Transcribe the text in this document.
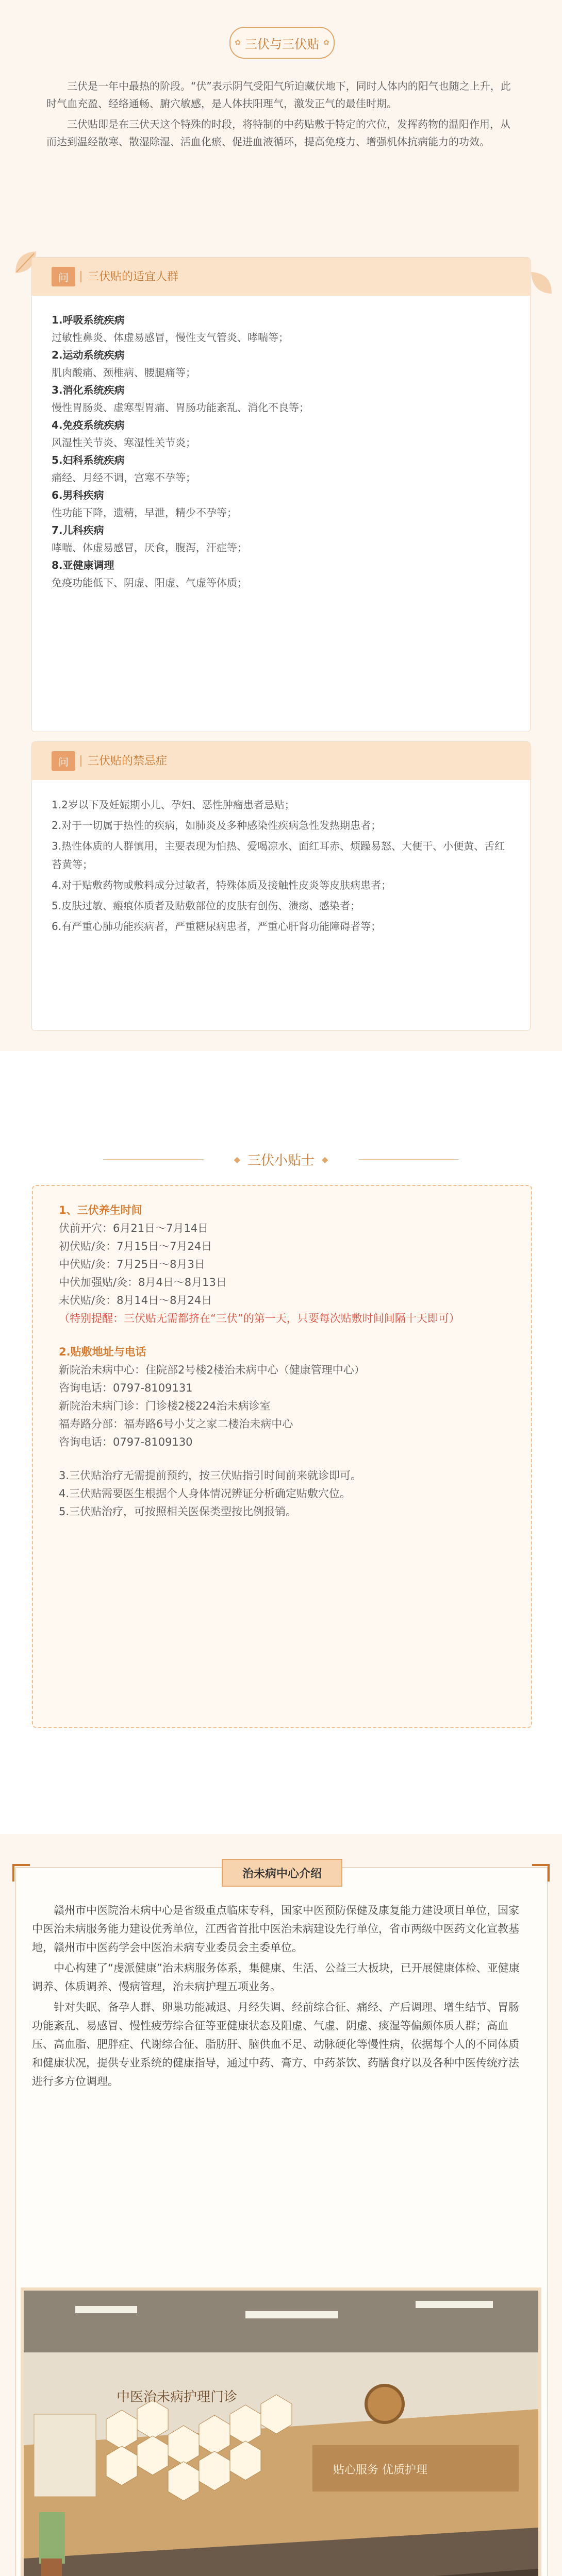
✿ 三伏与三伏贴 ✿

三伏是一年中最热的阶段。“伏”表示阴气受阳气所迫藏伏地下，同时人体内的阳气也随之上升，此时气血充盈、经络通畅、腑穴敏感，是人体扶阳理气，激发正气的最佳时期。

三伏贴即是在三伏天这个特殊的时段，将特制的中药贴敷于特定的穴位，发挥药物的温阳作用，从而达到温经散寒、散湿除湿、活血化瘀、促进血液循环，提高免疫力、增强机体抗病能力的功效。

问	三伏贴的适宜人群
1.呼吸系统疾病
过敏性鼻炎、体虚易感冒，慢性支气管炎、哮喘等；
2.运动系统疾病
肌肉酸痛、颈椎病、腰腿痛等；
3.消化系统疾病
慢性胃肠炎、虚寒型胃痛、胃肠功能紊乱、消化不良等；
4.免疫系统疾病
风湿性关节炎、寒湿性关节炎；
5.妇科系统疾病
痛经、月经不调，宫寒不孕等；
6.男科疾病
性功能下降，遗精，早泄，精少不孕等；
7.儿科疾病
哮喘、体虚易感冒，厌食，腹泻，汗症等；
8.亚健康调理
免疫功能低下、阴虚、阳虚、气虚等体质；
问	三伏贴的禁忌症

1.2岁以下及妊娠期小儿、孕妇、恶性肿瘤患者忌贴；

2.对于一切属于热性的疾病，如肺炎及多种感染性疾病急性发热期患者；

3.热性体质的人群慎用，主要表现为怕热、爱喝凉水、面红耳赤、烦躁易怒、大便干、小便黄、舌红苔黄等；

4.对于贴敷药物或敷料成分过敏者，特殊体质及接触性皮炎等皮肤病患者；

5.皮肤过敏、瘢痕体质者及贴敷部位的皮肤有创伤、溃疡、感染者；

6.有严重心肺功能疾病者，严重糖尿病患者，严重心肝肾功能障碍者等；

◆ 三伏小贴士 ◆

1、三伏养生时间

伏前开穴：6月21日～7月14日

初伏贴/灸：7月15日～7月24日

中伏贴/灸：7月25日～8月3日

中伏加强贴/灸：8月4日～8月13日

末伏贴/灸：8月14日～8月24日

（特别提醒：三伏贴无需都挤在“三伏”的第一天，只要每次贴敷时间间隔十天即可）

2.贴敷地址与电话

新院治未病中心：住院部2号楼2楼治未病中心（健康管理中心）

咨询电话：0797-8109131

新院治未病门诊：门诊楼2楼224治未病诊室

福寿路分部：福寿路6号小艾之家二楼治未病中心

咨询电话：0797-8109130

3.三伏贴治疗无需提前预约，按三伏贴指引时间前来就诊即可。

4.三伏贴需要医生根据个人身体情况辨证分析确定贴敷穴位。

5.三伏贴治疗，可按照相关医保类型按比例报销。

治未病中心介绍

赣州市中医院治未病中心是省级重点临床专科，国家中医预防保健及康复能力建设项目单位，国家中医治未病服务能力建设优秀单位，江西省首批中医治未病建设先行单位，省市两级中医药文化宣教基地，赣州市中医药学会中医治未病专业委员会主委单位。

中心构建了“虔派健康”治未病服务体系，集健康、生活、公益三大板块，已开展健康体检、亚健康调养、体质调养、慢病管理，治未病护理五项业务。

针对失眠、备孕人群、卵巢功能减退、月经失调、经前综合征、痛经、产后调理、增生结节、胃肠功能紊乱、易感冒、慢性疲劳综合征等亚健康状态及阳虚、气虚、阴虚、痰湿等偏颇体质人群；高血压、高血脂、肥胖症、代谢综合征、脂肪肝、脑供血不足、动脉硬化等慢性病，依据每个人的不同体质和健康状况，提供专业系统的健康指导，通过中药、膏方、中药茶饮、药膳食疗以及各种中医传统疗法进行多方位调理。

中医治未病护理门诊
贴心服务 优质护理
